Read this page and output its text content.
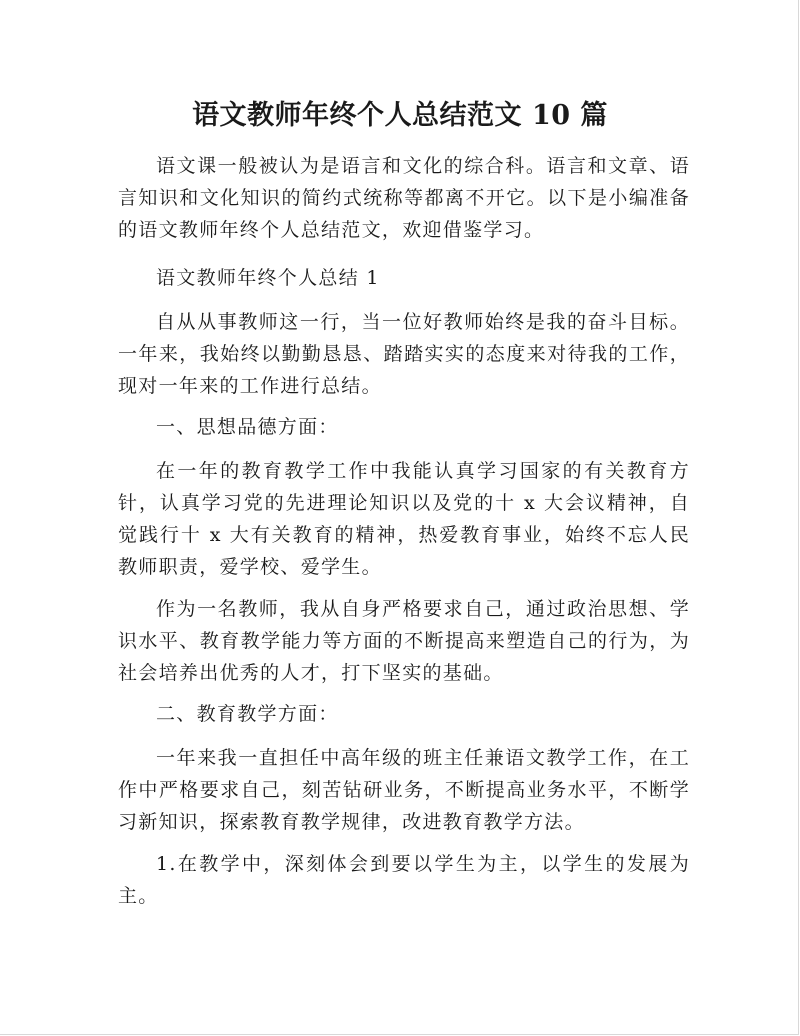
语文教师年终个人总结范文 10 篇
语文课一般被认为是语言和文化的综合科。语言和文章、语言知识和文化知识的简约式统称等都离不开它。以下是小编准备的语文教师年终个人总结范文，欢迎借鉴学习。
语文教师年终个人总结 1
自从从事教师这一行，当一位好教师始终是我的奋斗目标。一年来，我始终以勤勤恳恳、踏踏实实的态度来对待我的工作，现对一年来的工作进行总结。
一、思想品德方面：
在一年的教育教学工作中我能认真学习国家的有关教育方针，认真学习党的先进理论知识以及党的十 x 大会议精神，自觉践行十 x 大有关教育的精神，热爱教育事业，始终不忘人民教师职责，爱学校、爱学生。
作为一名教师，我从自身严格要求自己，通过政治思想、学识水平、教育教学能力等方面的不断提高来塑造自己的行为，为社会培养出优秀的人才，打下坚实的基础。
二、教育教学方面：
一年来我一直担任中高年级的班主任兼语文教学工作，在工作中严格要求自己，刻苦钻研业务，不断提高业务水平，不断学习新知识，探索教育教学规律，改进教育教学方法。
1.在教学中，深刻体会到要以学生为主，以学生的发展为主。
